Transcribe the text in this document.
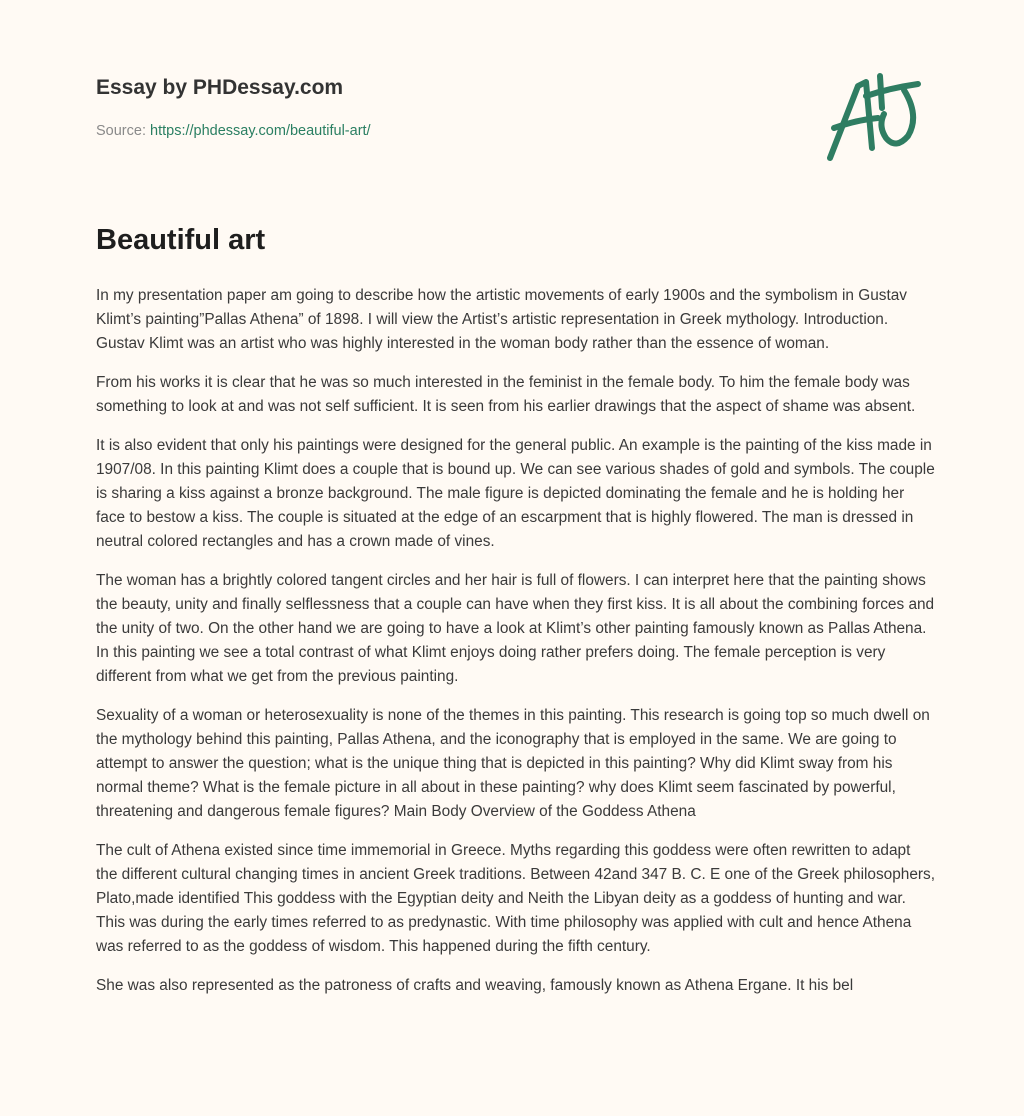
Essay by PHDessay.com
Source: https://phdessay.com/beautiful-art/
Beautiful art

In my presentation paper am going to describe how the artistic movements of early 1900s and the symbolism in Gustav Klimt’s painting”Pallas Athena” of 1898. I will view the Artist’s artistic representation in Greek mythology. Introduction. Gustav Klimt was an artist who was highly interested in the woman body rather than the essence of woman.

From his works it is clear that he was so much interested in the feminist in the female body. To him the female body was something to look at and was not self sufficient. It is seen from his earlier drawings that the aspect of shame was absent.

It is also evident that only his paintings were designed for the general public. An example is the painting of the kiss made in 1907/08. In this painting Klimt does a couple that is bound up. We can see various shades of gold and symbols. The couple is sharing a kiss against a bronze background. The male figure is depicted dominating the female and he is holding her face to bestow a kiss. The couple is situated at the edge of an escarpment that is highly flowered. The man is dressed in neutral colored rectangles and has a crown made of vines.

The woman has a brightly colored tangent circles and her hair is full of flowers. I can interpret here that the painting shows the beauty, unity and finally selflessness that a couple can have when they first kiss. It is all about the combining forces and the unity of two. On the other hand we are going to have a look at Klimt’s other painting famously known as Pallas Athena. In this painting we see a total contrast of what Klimt enjoys doing rather prefers doing. The female perception is very different from what we get from the previous painting.

Sexuality of a woman or heterosexuality is none of the themes in this painting. This research is going top so much dwell on the mythology behind this painting, Pallas Athena, and the iconography that is employed in the same. We are going to attempt to answer the question; what is the unique thing that is depicted in this painting? Why did Klimt sway from his normal theme? What is the female picture in all about in these painting? why does Klimt seem fascinated by powerful, threatening and dangerous female figures? Main Body Overview of the Goddess Athena

The cult of Athena existed since time immemorial in Greece. Myths regarding this goddess were often rewritten to adapt the different cultural changing times in ancient Greek traditions. Between 42and 347 B. C. E one of the Greek philosophers, Plato,made identified This goddess with the Egyptian deity and Neith the Libyan deity as a goddess of hunting and war. This was during the early times referred to as predynastic. With time philosophy was applied with cult and hence Athena was referred to as the goddess of wisdom. This happened during the fifth century.

She was also represented as the patroness of crafts and weaving, famously known as Athena Ergane. It his bel
